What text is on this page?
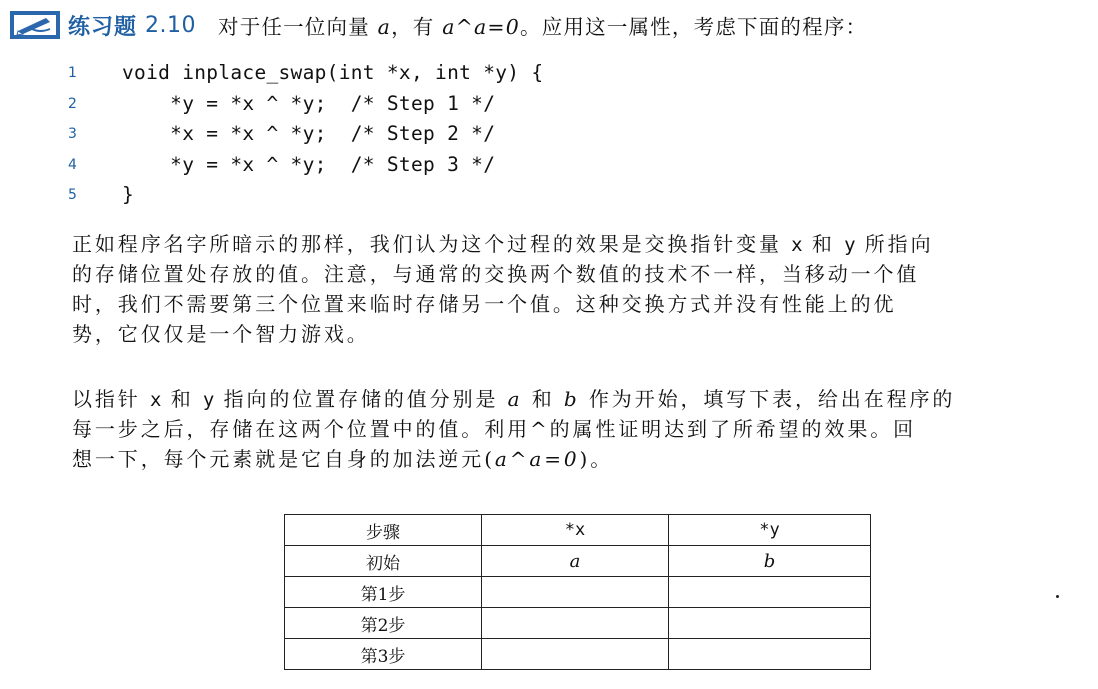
练习题 2.10 对于任一位向量 a，有 a^a=0。应用这一属性，考虑下面的程序：

1

	void inplace_swap(int *x, int *y) {

2

	*y = *x ^ *y;  /* Step 1 */

3

	*x = *x ^ *y;  /* Step 2 */

4

	*y = *x ^ *y;  /* Step 3 */

5

	}

正如程序名字所暗示的那样，我们认为这个过程的效果是交换指针变量 x 和 y 所指向
的存储位置处存放的值。注意，与通常的交换两个数值的技术不一样，当移动一个值
时，我们不需要第三个位置来临时存储另一个值。这种交换方式并没有性能上的优
势，它仅仅是一个智力游戏。
以指针 x 和 y 指向的位置存储的值分别是 a 和 b 作为开始，填写下表，给出在程序的
每一步之后，存储在这两个位置中的值。利用^的属性证明达到了所希望的效果。回
想一下，每个元素就是它自身的加法逆元(a^a=0)。
步骤	*x	*y
初始	a	b
第1步		
第2步		
第3步		
